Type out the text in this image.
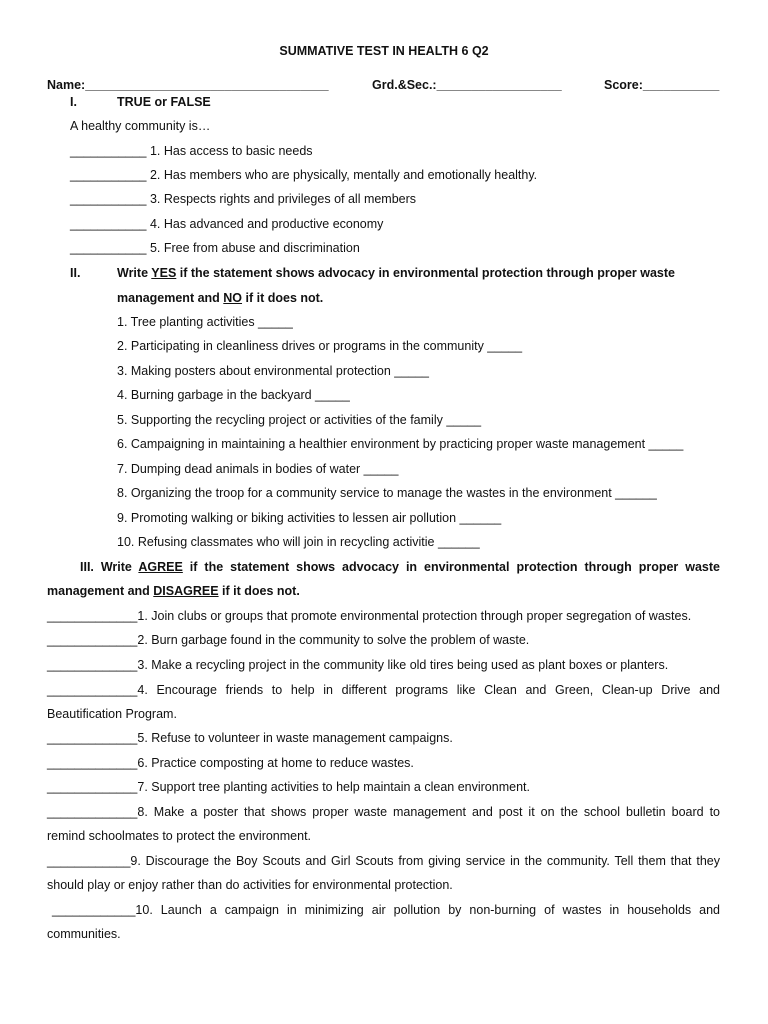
SUMMATIVE TEST IN HEALTH 6 Q2
Name:___________________________________	Grd.&Sec.:__________________	Score:___________
I.	TRUE or FALSE
A healthy community is…
___________ 1. Has access to basic needs
___________ 2. Has members who are physically, mentally and emotionally healthy.
___________ 3. Respects rights and privileges of all members
___________ 4. Has advanced and productive economy
___________ 5. Free from abuse and discrimination
II.	Write YES if the statement shows advocacy in environmental protection through proper waste
management and NO if it does not.
1. Tree planting activities _____
2. Participating in cleanliness drives or programs in the community _____
3. Making posters about environmental protection _____
4. Burning garbage in the backyard _____
5. Supporting the recycling project or activities of the family _____
6. Campaigning in maintaining a healthier environment by practicing proper waste management _____
7. Dumping dead animals in bodies of water _____
8. Organizing the troop for a community service to manage the wastes in the environment ______
9. Promoting walking or biking activities to lessen air pollution ______
10. Refusing classmates who will join in recycling activitie ______
III. Write AGREE if the statement shows advocacy in environmental protection through proper waste
management and DISAGREE if it does not.
_____________1. Join clubs or groups that promote environmental protection through proper segregation of wastes.
_____________2. Burn garbage found in the community to solve the problem of waste.
_____________3. Make a recycling project in the community like old tires being used as plant boxes or planters.
_____________4. Encourage friends to help in different programs like Clean and Green, Clean-up Drive and
Beautification Program.
_____________5. Refuse to volunteer in waste management campaigns.
_____________6. Practice composting at home to reduce wastes.
_____________7. Support tree planting activities to help maintain a clean environment.
_____________8. Make a poster that shows proper waste management and post it on the school bulletin board to
remind schoolmates to protect the environment.
____________9. Discourage the Boy Scouts and Girl Scouts from giving service in the community. Tell them that they
should play or enjoy rather than do activities for environmental protection.
____________10. Launch a campaign in minimizing air pollution by non-burning of wastes in households and
communities.
